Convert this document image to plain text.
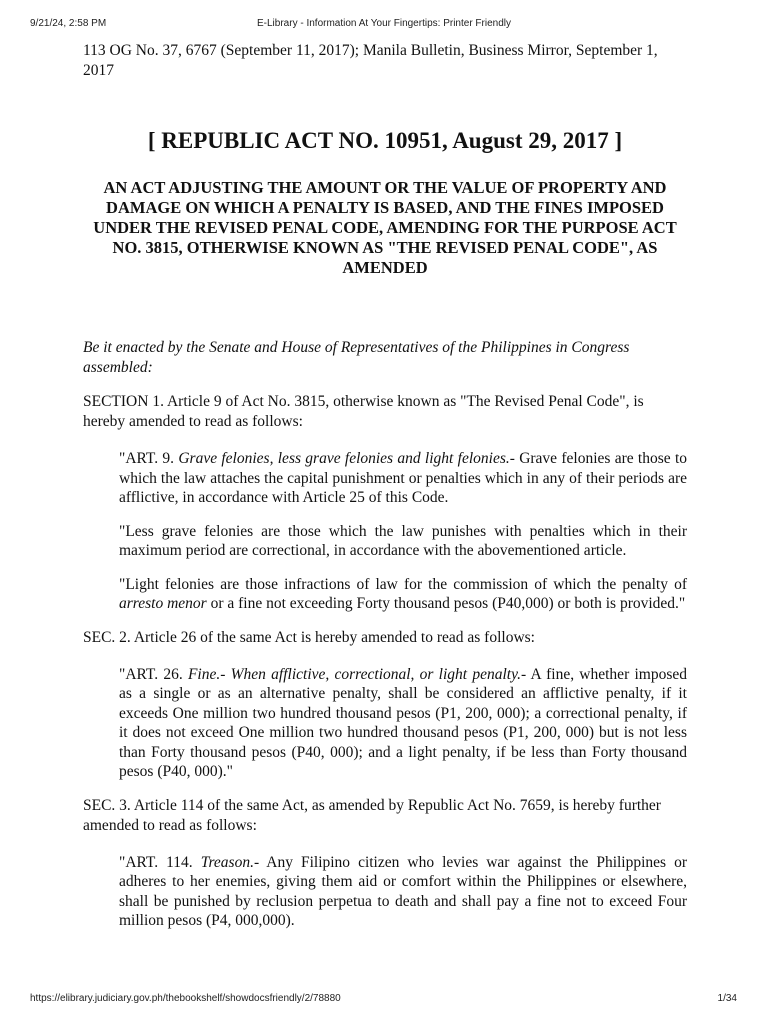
9/21/24, 2:58 PM	E-Library - Information At Your Fingertips: Printer Friendly

113 OG No. 37, 6767 (September 11, 2017); Manila Bulletin, Business Mirror, September 1, 2017

[ REPUBLIC ACT NO. 10951, August 29, 2017 ]
AN ACT ADJUSTING THE AMOUNT OR THE VALUE OF PROPERTY AND DAMAGE ON WHICH A PENALTY IS BASED, AND THE FINES IMPOSED UNDER THE REVISED PENAL CODE, AMENDING FOR THE PURPOSE ACT NO. 3815, OTHERWISE KNOWN AS "THE REVISED PENAL CODE", AS AMENDED

Be it enacted by the Senate and House of Representatives of the Philippines in Congress assembled:

SECTION 1. Article 9 of Act No. 3815, otherwise known as "The Revised Penal Code", is hereby amended to read as follows:

"ART. 9. Grave felonies, less grave felonies and light felonies.- Grave felonies are those to which the law attaches the capital punishment or penalties which in any of their periods are afflictive, in accordance with Article 25 of this Code.

"Less grave felonies are those which the law punishes with penalties which in their maximum period are correctional, in accordance with the abovementioned article.

"Light felonies are those infractions of law for the commission of which the penalty of arresto menor or a fine not exceeding Forty thousand pesos (P40,000) or both is provided."

SEC. 2. Article 26 of the same Act is hereby amended to read as follows:

"ART. 26. Fine.- When afflictive, correctional, or light penalty.- A fine, whether imposed as a single or as an alternative penalty, shall be considered an afflictive penalty, if it exceeds One million two hundred thousand pesos (P1, 200, 000); a correctional penalty, if it does not exceed One million two hundred thousand pesos (P1, 200, 000) but is not less than Forty thousand pesos (P40, 000); and a light penalty, if be less than Forty thousand pesos (P40, 000)."

SEC. 3. Article 114 of the same Act, as amended by Republic Act No. 7659, is hereby further amended to read as follows:

"ART. 114. Treason.- Any Filipino citizen who levies war against the Philippines or adheres to her enemies, giving them aid or comfort within the Philippines or elsewhere, shall be punished by reclusion perpetua to death and shall pay a fine not to exceed Four million pesos (P4, 000,000).

https://elibrary.judiciary.gov.ph/thebookshelf/showdocsfriendly/2/78880	1/34
